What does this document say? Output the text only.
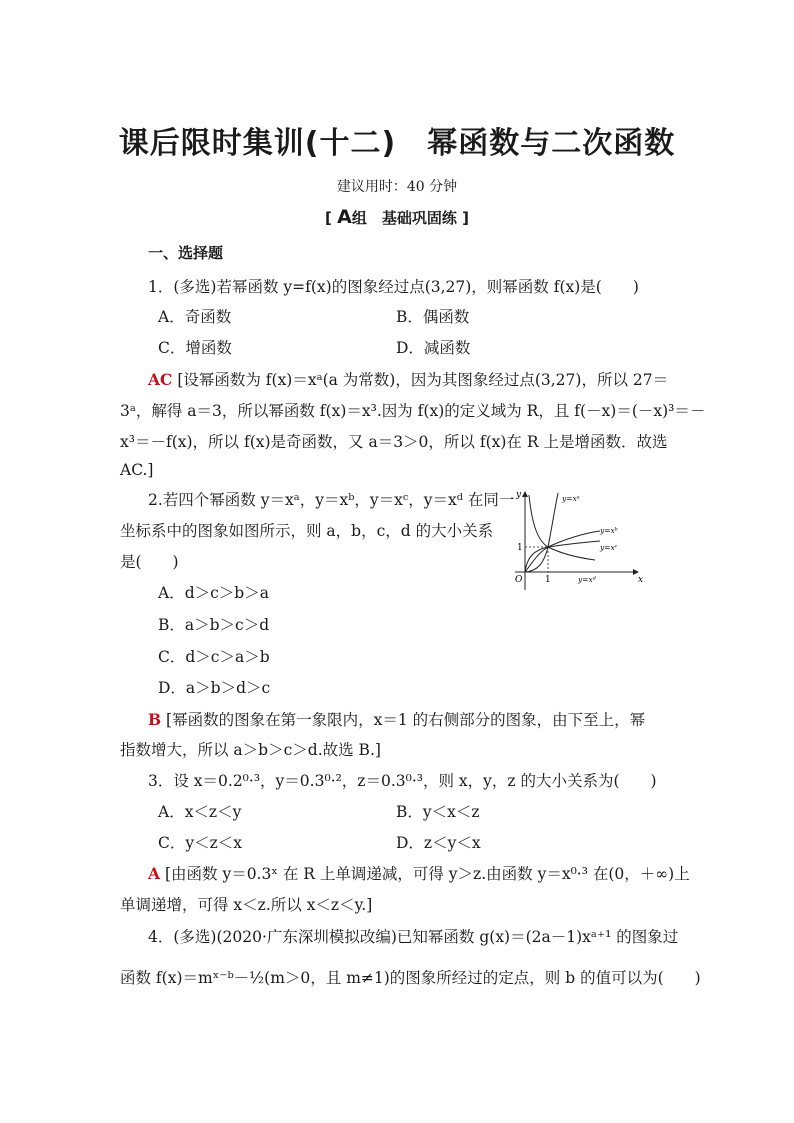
课后限时集训(十二)　幂函数与二次函数
建议用时：40 分钟
[ A组　基础巩固练 ]
一、选择题
1．(多选)若幂函数 y=f(x)的图象经过点(3,27)，则幂函数 f(x)是(　　)
A．奇函数	B．偶函数
C．增函数	D．减函数
AC [设幂函数为 f(x)＝xᵃ(a 为常数)，因为其图象经过点(3,27)，所以 27＝
3ᵃ，解得 a＝3，所以幂函数 f(x)＝x³.因为 f(x)的定义域为 R，且 f(－x)＝(－x)³＝－
x³＝－f(x)，所以 f(x)是奇函数，又 a＝3＞0，所以 f(x)在 R 上是增函数．故选
AC.]
2.若四个幂函数 y＝xᵃ，y＝xᵇ，y＝xᶜ，y＝xᵈ 在同一
坐标系中的图象如图所示，则 a，b，c，d 的大小关系
是(　　)
A．d＞c＞b＞a
B．a＞b＞c＞d
C．d＞c＞a＞b
D．a＞b＞d＞c
y
x
O	1
1
y=xᵃ
y=xᵇ
y=xᶜ
y=xᵈ
B [幂函数的图象在第一象限内，x＝1 的右侧部分的图象，由下至上，幂
指数增大，所以 a＞b＞c＞d.故选 B.]
3．设 x＝0.2⁰·³，y＝0.3⁰·²，z＝0.3⁰·³，则 x，y，z 的大小关系为(　　)
A．x＜z＜y	B．y＜x＜z
C．y＜z＜x	D．z＜y＜x
A [由函数 y＝0.3ˣ 在 R 上单调递减，可得 y＞z.由函数 y＝x⁰·³ 在(0，＋∞)上
单调递增，可得 x＜z.所以 x＜z＜y.]
4．(多选)(2020·广东深圳模拟改编)已知幂函数 g(x)＝(2a－1)xᵃ⁺¹ 的图象过
函数 f(x)＝mˣ⁻ᵇ－½(m＞0，且 m≠1)的图象所经过的定点，则 b 的值可以为(　　)
